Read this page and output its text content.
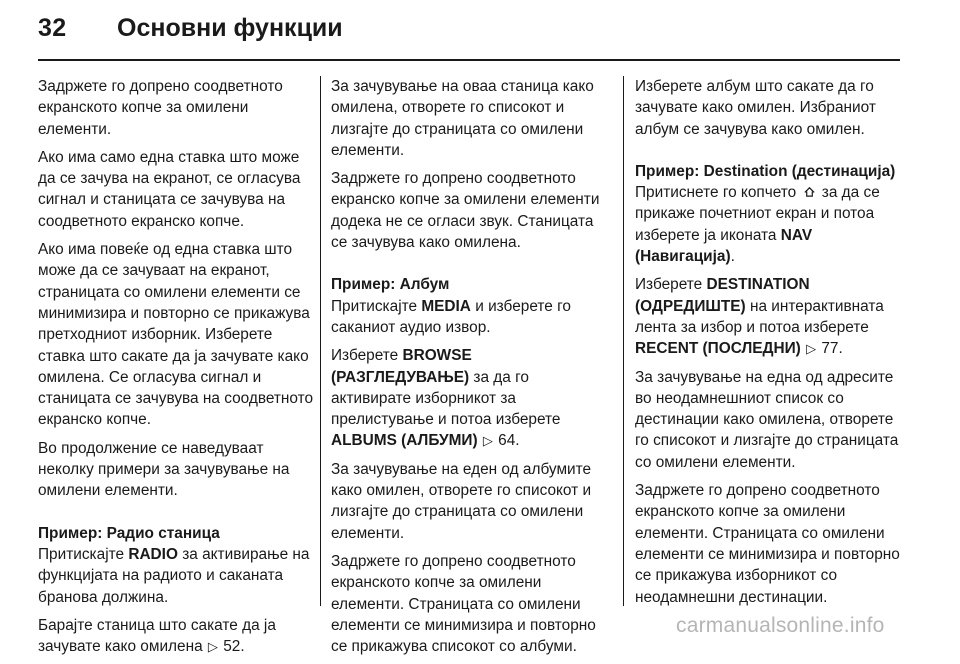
32 Основни функции

Задржете го допрено соодветното екранското копче за омилени елементи.

Ако има само една ставка што може да се зачува на екранот, се огласува сигнал и станицата се зачувува на соодветното екранско копче.

Ако има повеќе од една ставка што може да се зачуваат на екранот, страницата со омилени елементи се минимизира и повторно се прикажува претходниот изборник. Изберете ставка што сакате да ја зачувате како омилена. Се огласува сигнал и станицата се зачувува на соодветното екранско копче.

Во продолжение се наведуваат неколку примери за зачувување на омилени елементи.

Пример: Радио станица

Притискајте RADIO за активирање на функцијата на радиото и саканата бранова должина.

Барајте станица што сакате да ја зачувате како омилена ▷ 52.

За зачувување на оваа станица како омилена, отворете го списокот и лизгајте до страницата со омилени елементи.

Задржете го допрено соодветното екранско копче за омилени елементи додека не се огласи звук. Станицата се зачувува како омилена.

Пример: Албум

Притискајте MEDIA и изберете го саканиот аудио извор.

Изберете BROWSE (РАЗГЛЕДУВАЊЕ) за да го активирате изборникот за прелистување и потоа изберете ALBUMS (АЛБУМИ) ▷ 64.

За зачувување на еден од албумите како омилен, отворете го списокот и лизгајте до страницата со омилени елементи.

Задржете го допрено соодветното екранското копче за омилени елементи. Страницата со омилени елементи се минимизира и повторно се прикажува списокот со албуми.

Изберете албум што сакате да го зачувате како омилен. Избраниот албум се зачувува како омилен.

Пример: Destination (дестинација)

Притиснете го копчето  за да се прикаже почетниот екран и потоа изберете ја иконата NAV (Навигација).

Изберете DESTINATION (ОДРЕДИШТЕ) на интерактивната лента за избор и потоа изберете RECENT (ПОСЛЕДНИ) ▷ 77.

За зачувување на една од адресите во неодамнешниот список со дестинации како омилена, отворете го списокот и лизгајте до страницата со омилени елементи.

Задржете го допрено соодветното екранското копче за омилени елементи. Страницата со омилени елементи се минимизира и повторно се прикажува изборникот со неодамнешни дестинации.

carmanualsonline.info
